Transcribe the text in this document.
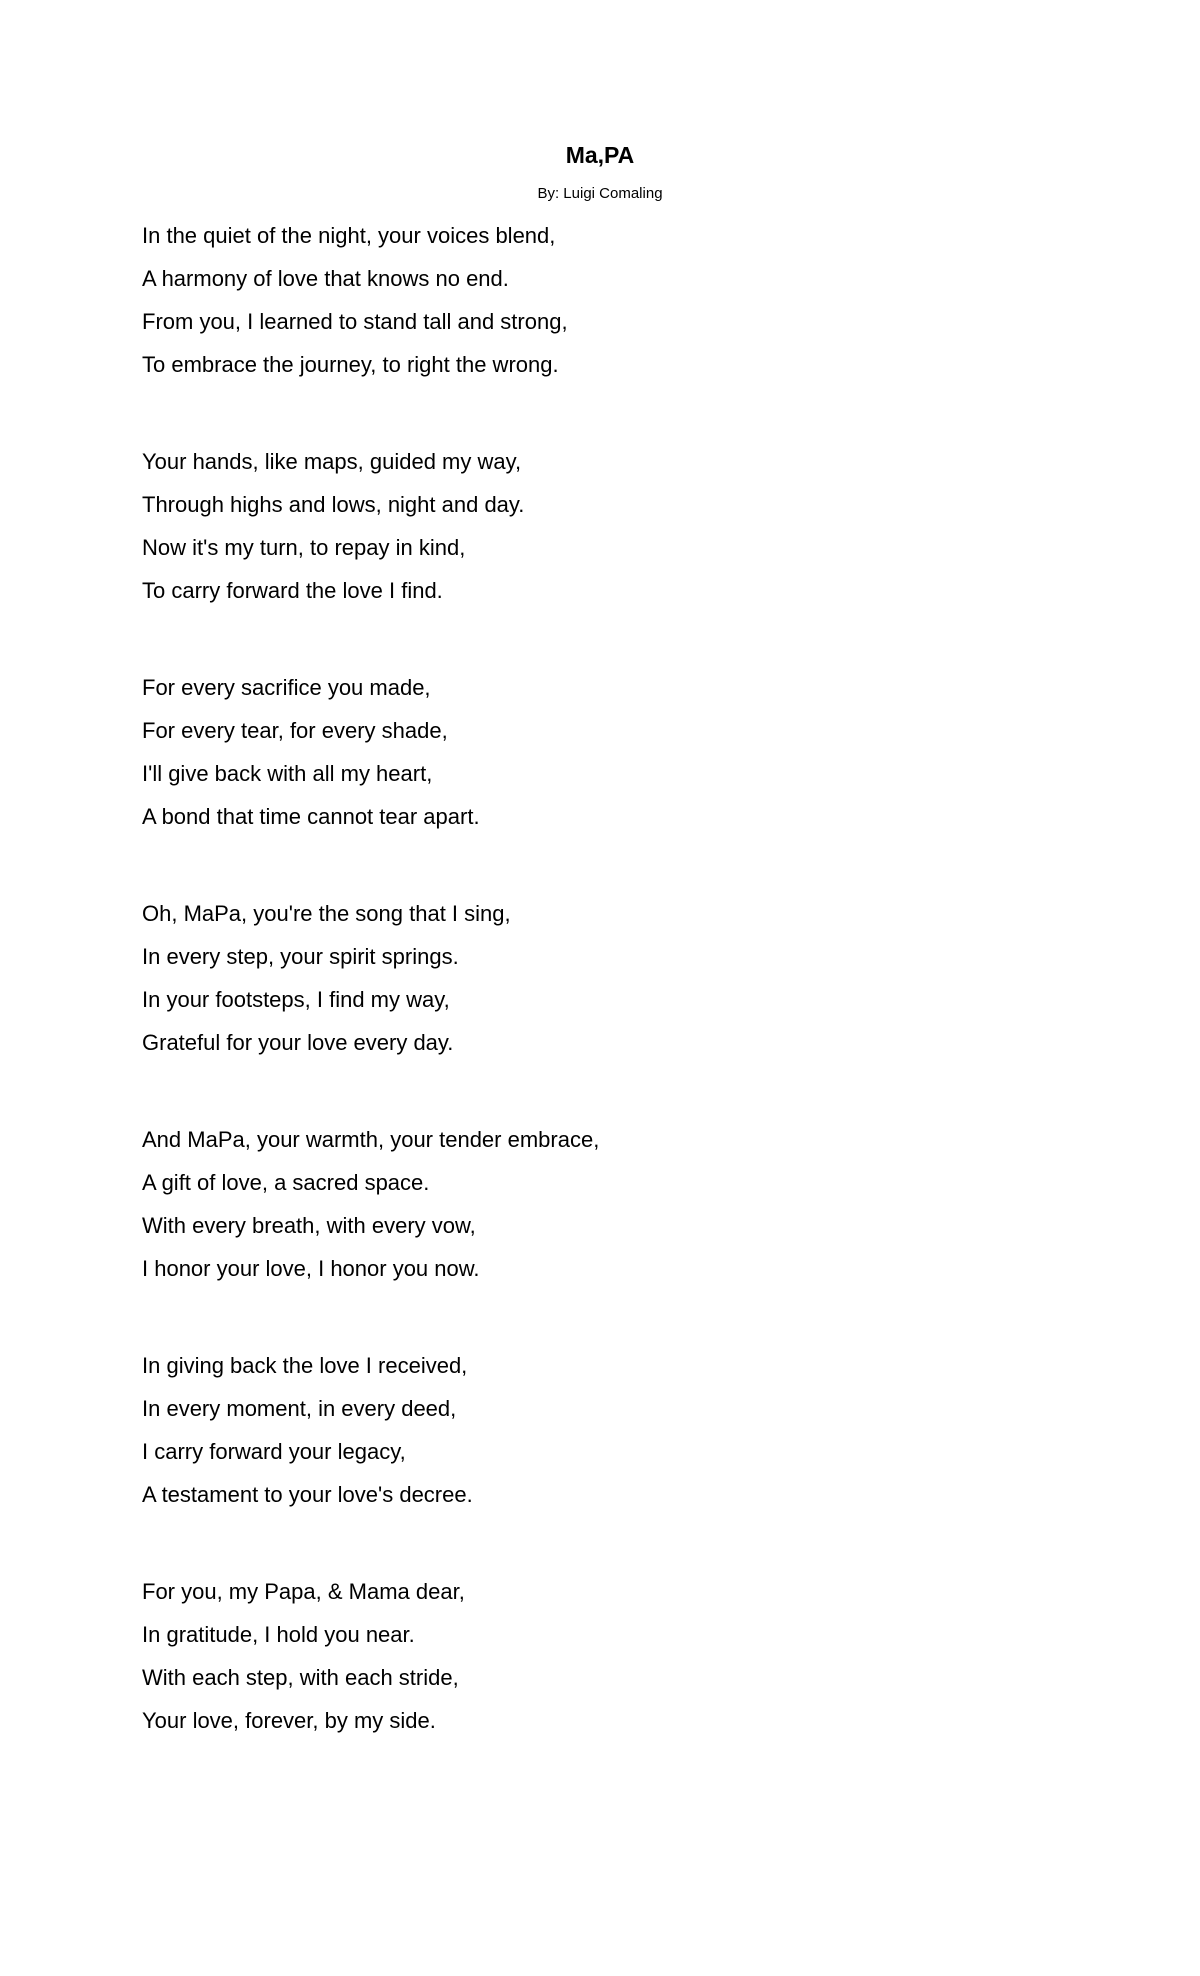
Ma,PA
By: Luigi Comaling
In the quiet of the night, your voices blend,
A harmony of love that knows no end.
From you, I learned to stand tall and strong,
To embrace the journey, to right the wrong.
Your hands, like maps, guided my way,
Through highs and lows, night and day.
Now it's my turn, to repay in kind,
To carry forward the love I find.
For every sacrifice you made,
For every tear, for every shade,
I'll give back with all my heart,
A bond that time cannot tear apart.
Oh, MaPa, you're the song that I sing,
In every step, your spirit springs.
In your footsteps, I find my way,
Grateful for your love every day.
And MaPa, your warmth, your tender embrace,
A gift of love, a sacred space.
With every breath, with every vow,
I honor your love, I honor you now.
In giving back the love I received,
In every moment, in every deed,
I carry forward your legacy,
A testament to your love's decree.
For you, my Papa, & Mama dear,
In gratitude, I hold you near.
With each step, with each stride,
Your love, forever, by my side.
